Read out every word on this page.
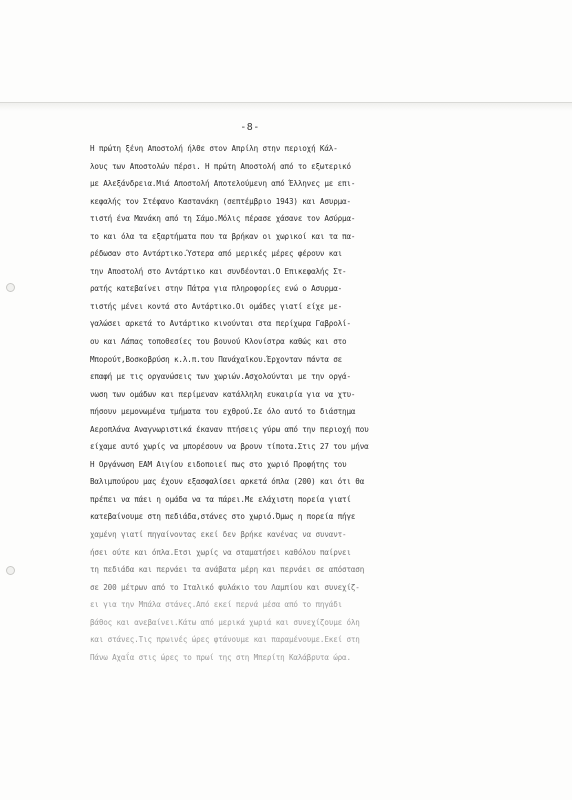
-8-
Η πρώτη ξένη Αποστολή ήλθε στον Απρίλη στην περιοχή Κάλ-
λους των Αποστολών πέρσι. Η πρώτη Αποστολή από το εξωτερικό
με Αλεξάνδρεια.Μιά Αποστολή Αποτελούμενη από Έλληνες με επι-
κεφαλής τον Στέφανο Καστανάκη (σεπτέμβριο 1943) και Ασυρμα-
τιστή ένα Μανάκη από τη Σάμο.Μόλις πέρασε χάσανε τον Ασύρμα-
το και όλα τα εξαρτήματα που τα βρήκαν οι χωρικοί και τα πα-
ρέδωσαν στο Αντάρτικο.Ύστερα από μερικές μέρες φέρουν και
την Αποστολή στο Αντάρτικο και συνδέονται.Ο Επικεφαλής Στ-
ρατής κατεβαίνει στην Πάτρα για πληροφορίες ενώ ο Ασυρμα-
τιστής μένει κοντά στο Αντάρτικο.Οι ομάδες γιατί είχε με-
γαλώσει αρκετά το Αντάρτικο κινούνται στα περίχωρα Γαβρολί-
ου και Λάπας τοποθεσίες του βουνού Κλονίστρα καθώς και στο
Μπορούτ,Βοσκοβρύση κ.λ.π.του Πανάχαϊκου.Έρχονταν πάντα σε
επαφή με τις οργανώσεις των χωριών.Ασχολούνται με την οργά-
νωση των ομάδων και περίμεναν κατάλληλη ευκαιρία για να χτυ-
πήσουν μεμονωμένα τμήματα του εχθρού.Σε όλο αυτό το διάστημα
Αεροπλάνα Αναγνωριστικά έκαναν πτήσεις γύρω από την περιοχή που
είχαμε αυτό χωρίς να μπορέσουν να βρουν τίποτα.Στις 27 του μήνα
Η Οργάνωση ΕΑΜ Αιγίου ειδοποιεί πως στο χωριό Προφήτης του
Βαλιμπούρου μας έχουν εξασφαλίσει αρκετά όπλα (200) και ότι θα
πρέπει να πάει η ομάδα να τα πάρει.Με ελάχιστη πορεία γιατί
κατεβαίνουμε στη πεδιάδα,στάνες στο χωριό.Όμως η πορεία πήγε
χαμένη γιατί πηγαίνοντας εκεί δεν βρήκε κανένας να συναντ-
ήσει ούτε και όπλα.Ετσι χωρίς να σταματήσει καθόλου παίρνει
τη πεδιάδα και περνάει τα ανάβατα μέρη και περνάει σε απόσταση
σε 200 μέτρων από το Ιταλικό φυλάκιο του Λαμπίου και συνεχίζ-
ει για την Μπάλα στάνες.Από εκεί περνά μέσα από το πηγάδι
βάθος και ανεβαίνει.Κάτω από μερικά χωριά και συνεχίζουμε όλη
και στάνες.Τις πρωινές ώρες φτάνουμε και παραμένουμε.Εκεί στη
Πάνω Αχαΐα στις ώρες το πρωί της στη Μπερίτη Καλάβρυτα ώρα.
